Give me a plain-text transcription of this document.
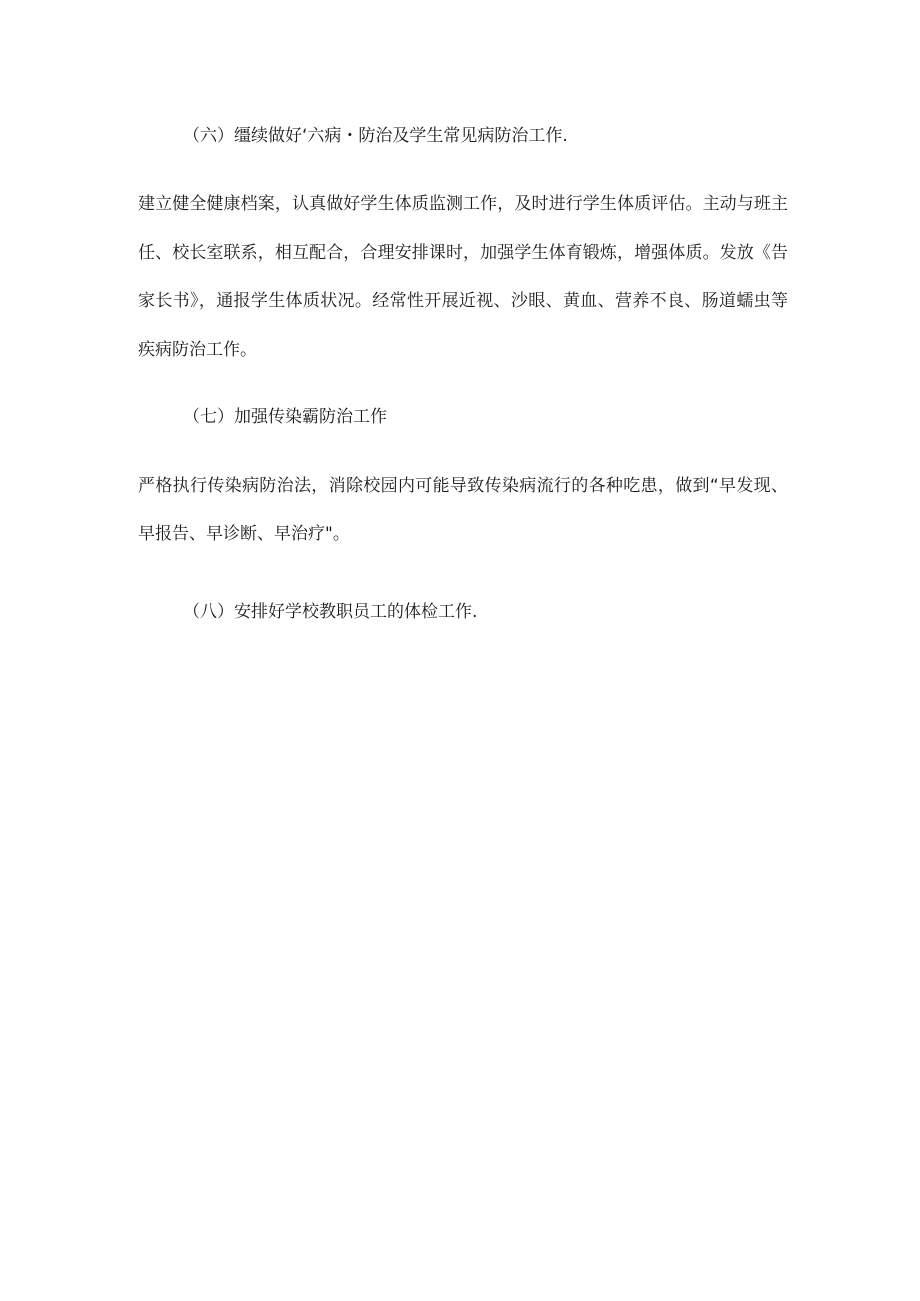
（六）缰续做好‘六病・防治及学生常见病防治工作.
建立健全健康档案，认真做好学生体质监测工作，及时进行学生体质评估。主动与班主
任、校长室联系，相互配合，合理安排课时，加强学生体育锻炼，增强体质。发放《告
家长书》，通报学生体质状况。经常性开展近视、沙眼、黄血、营养不良、肠道蠕虫等
疾病防治工作。
（七）加强传染霸防治工作
严格执行传染病防治法，消除校园内可能导致传染病流行的各种吃患，做到“早发现、
早报告、早诊断、早治疗"。
（八）安排好学校教职员工的体检工作.
